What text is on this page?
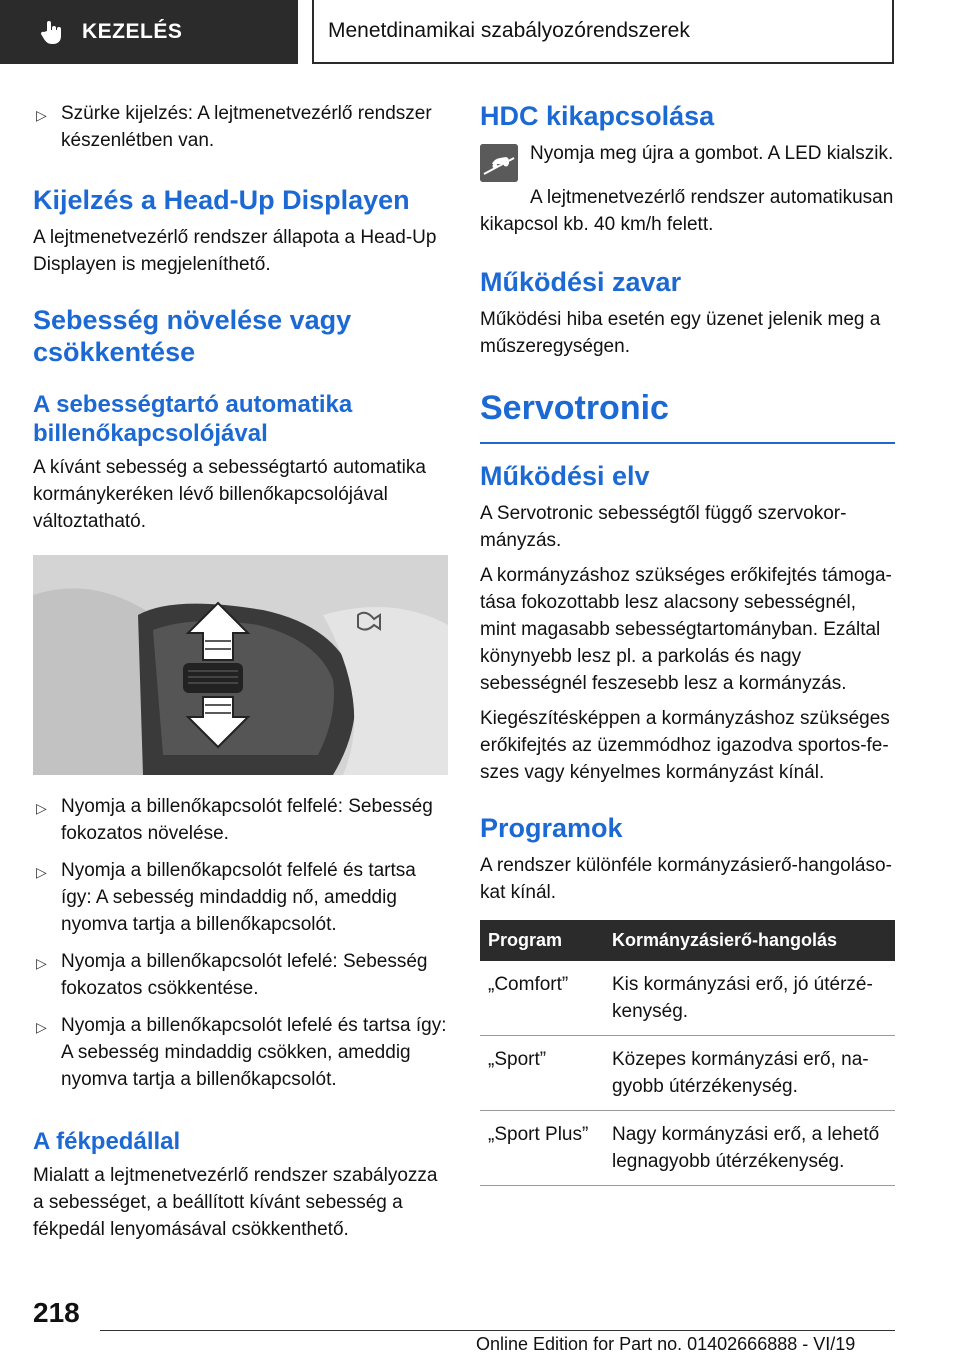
KEZELÉS	Menetdinamikai szabályozórendszerek
▷ Szürke kijelzés: A lejtmenetvezérlő rendszer készenlétben van.
Kijelzés a Head-Up Displayen

A lejtmenetvezérlő rendszer állapota a Head-Up Displayen is megjeleníthető.

Sebesség növelése vagy csökkentése
A sebességtartó automatika billenőkapcsolójával

A kívánt sebesség a sebességtartó automatika kormánykeréken lévő billenőkapcsolójával változtatható.

▷ Nyomja a billenőkapcsolót felfelé: Sebesség fokozatos növelése.
▷ Nyomja a billenőkapcsolót felfelé és tartsa így: A sebesség mindaddig nő, ameddig nyomva tartja a billenőkapcsolót.
▷ Nyomja a billenőkapcsolót lefelé: Sebesség fokozatos csökkentése.
▷ Nyomja a billenőkapcsolót lefelé és tartsa így: A sebesség mindaddig csökken, ameddig nyomva tartja a billenőkapcsolót.
A fékpedállal

Mialatt a lejtmenetvezérlő rendszer szabályozza a sebességet, a beállított kívánt sebesség a fékpedál lenyomásával csökkenthető.

HDC kikapcsolása

Nyomja meg újra a gombot. A LED kialszik.

A lejtmenetvezérlő rendszer automatikusan kikapcsol kb. 40 km/h felett.

Működési zavar

Működési hiba esetén egy üzenet jelenik meg a műszeregységen.

Servotronic
Működési elv

A Servotronic sebességtől függő szervokormányzás.

A kormányzáshoz szükséges erőkifejtés támogatása fokozottabb lesz alacsony sebességnél, mint magasabb sebességtartományban. Ezáltal könynyebb lesz pl. a parkolás és nagy sebességnél feszesebb lesz a kormányzás.

Kiegészítésképpen a kormányzáshoz szükséges erőkifejtés az üzemmódhoz igazodva sportos-feszes vagy kényelmes kormányzást kínál.

Programok

A rendszer különféle kormányzásierő-hangolásokat kínál.

Program	Kormányzásierő-hangolás
„Comfort”	Kis kormányzási erő, jó útérzékenység.
„Sport”	Közepes kormányzási erő, nagyobb útérzékenység.
„Sport Plus”	Nagy kormányzási erő, a lehető legnagyobb útérzékenység.
218
Online Edition for Part no. 01402666888 - VI/19
